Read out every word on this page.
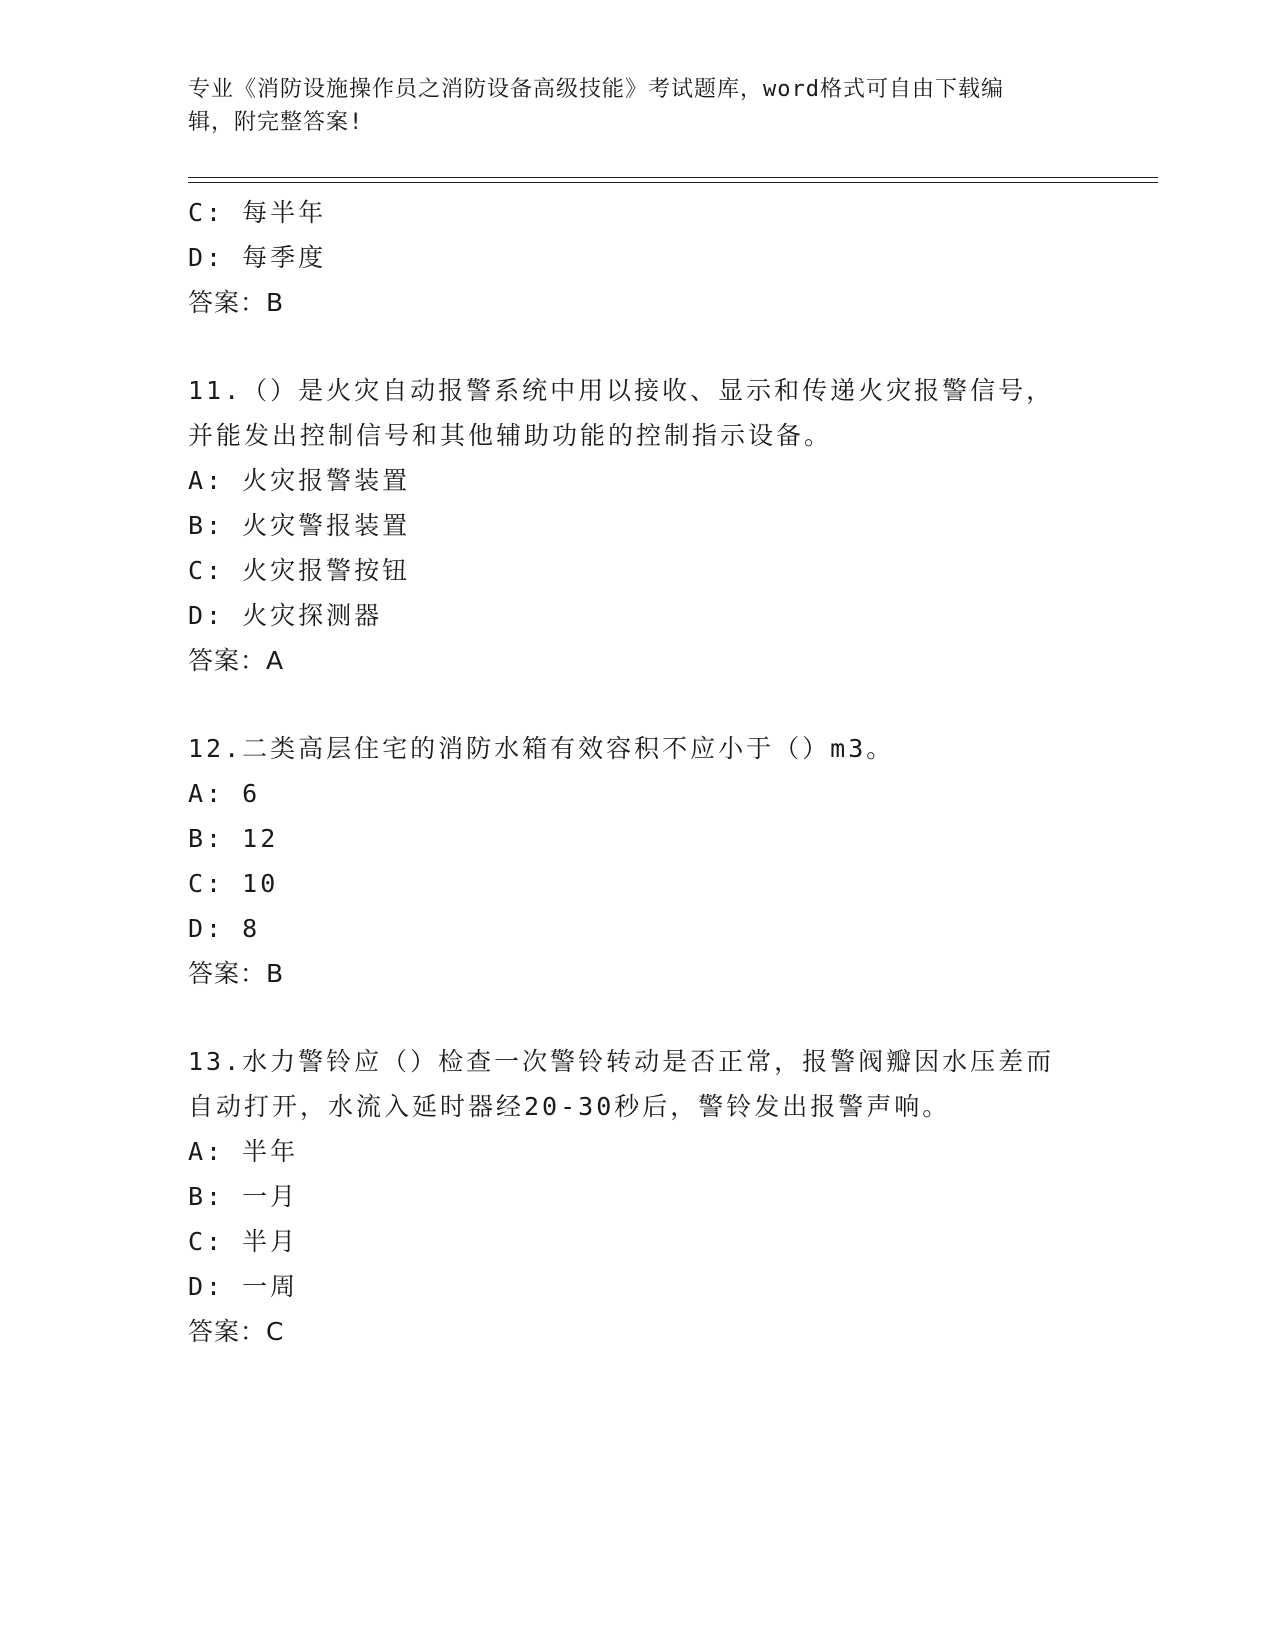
专业《消防设施操作员之消防设备高级技能》考试题库，word格式可自由下载编
辑，附完整答案!
C: 每半年
D: 每季度
答案：B
11.（）是火灾自动报警系统中用以接收、显示和传递火灾报警信号，
并能发出控制信号和其他辅助功能的控制指示设备。
A: 火灾报警装置
B: 火灾警报装置
C: 火灾报警按钮
D: 火灾探测器
答案：A
12.二类高层住宅的消防水箱有效容积不应小于（）m3。
A: 6
B: 12
C: 10
D: 8
答案：B
13.水力警铃应（）检查一次警铃转动是否正常，报警阀瓣因水压差而
自动打开，水流入延时器经20-30秒后，警铃发出报警声响。
A: 半年
B: 一月
C: 半月
D: 一周
答案：C
